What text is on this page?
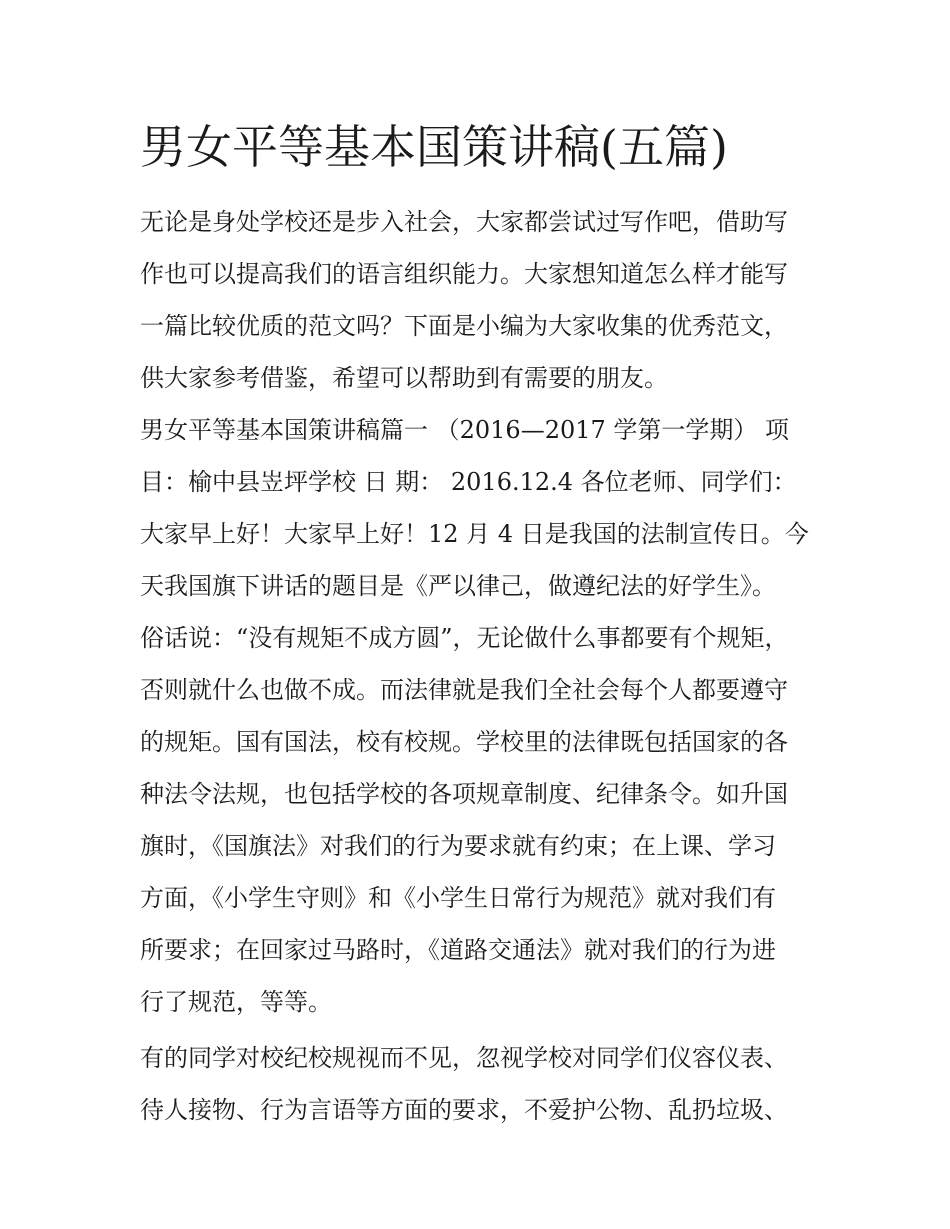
男女平等基本国策讲稿(五篇)
无论是身处学校还是步入社会，大家都尝试过写作吧，借助写
作也可以提高我们的语言组织能力。大家想知道怎么样才能写
一篇比较优质的范文吗？下面是小编为大家收集的优秀范文，
供大家参考借鉴，希望可以帮助到有需要的朋友。
男女平等基本国策讲稿篇一 （2016—2017 学第一学期） 项
目：榆中县岦坪学校 日 期： 2016.12.4 各位老师、同学们：
大家早上好！大家早上好！12 月 4 日是我国的法制宣传日。今
天我国旗下讲话的题目是《严以律己，做遵纪法的好学生》。
俗话说：“没有规矩不成方圆”，无论做什么事都要有个规矩，
否则就什么也做不成。而法律就是我们全社会每个人都要遵守
的规矩。国有国法，校有校规。学校里的法律既包括国家的各
种法令法规，也包括学校的各项规章制度、纪律条令。如升国
旗时，《国旗法》对我们的行为要求就有约束；在上课、学习
方面，《小学生守则》和《小学生日常行为规范》就对我们有
所要求；在回家过马路时，《道路交通法》就对我们的行为进
行了规范，等等。
有的同学对校纪校规视而不见，忽视学校对同学们仪容仪表、
待人接物、行为言语等方面的要求，不爱护公物、乱扔垃圾、
